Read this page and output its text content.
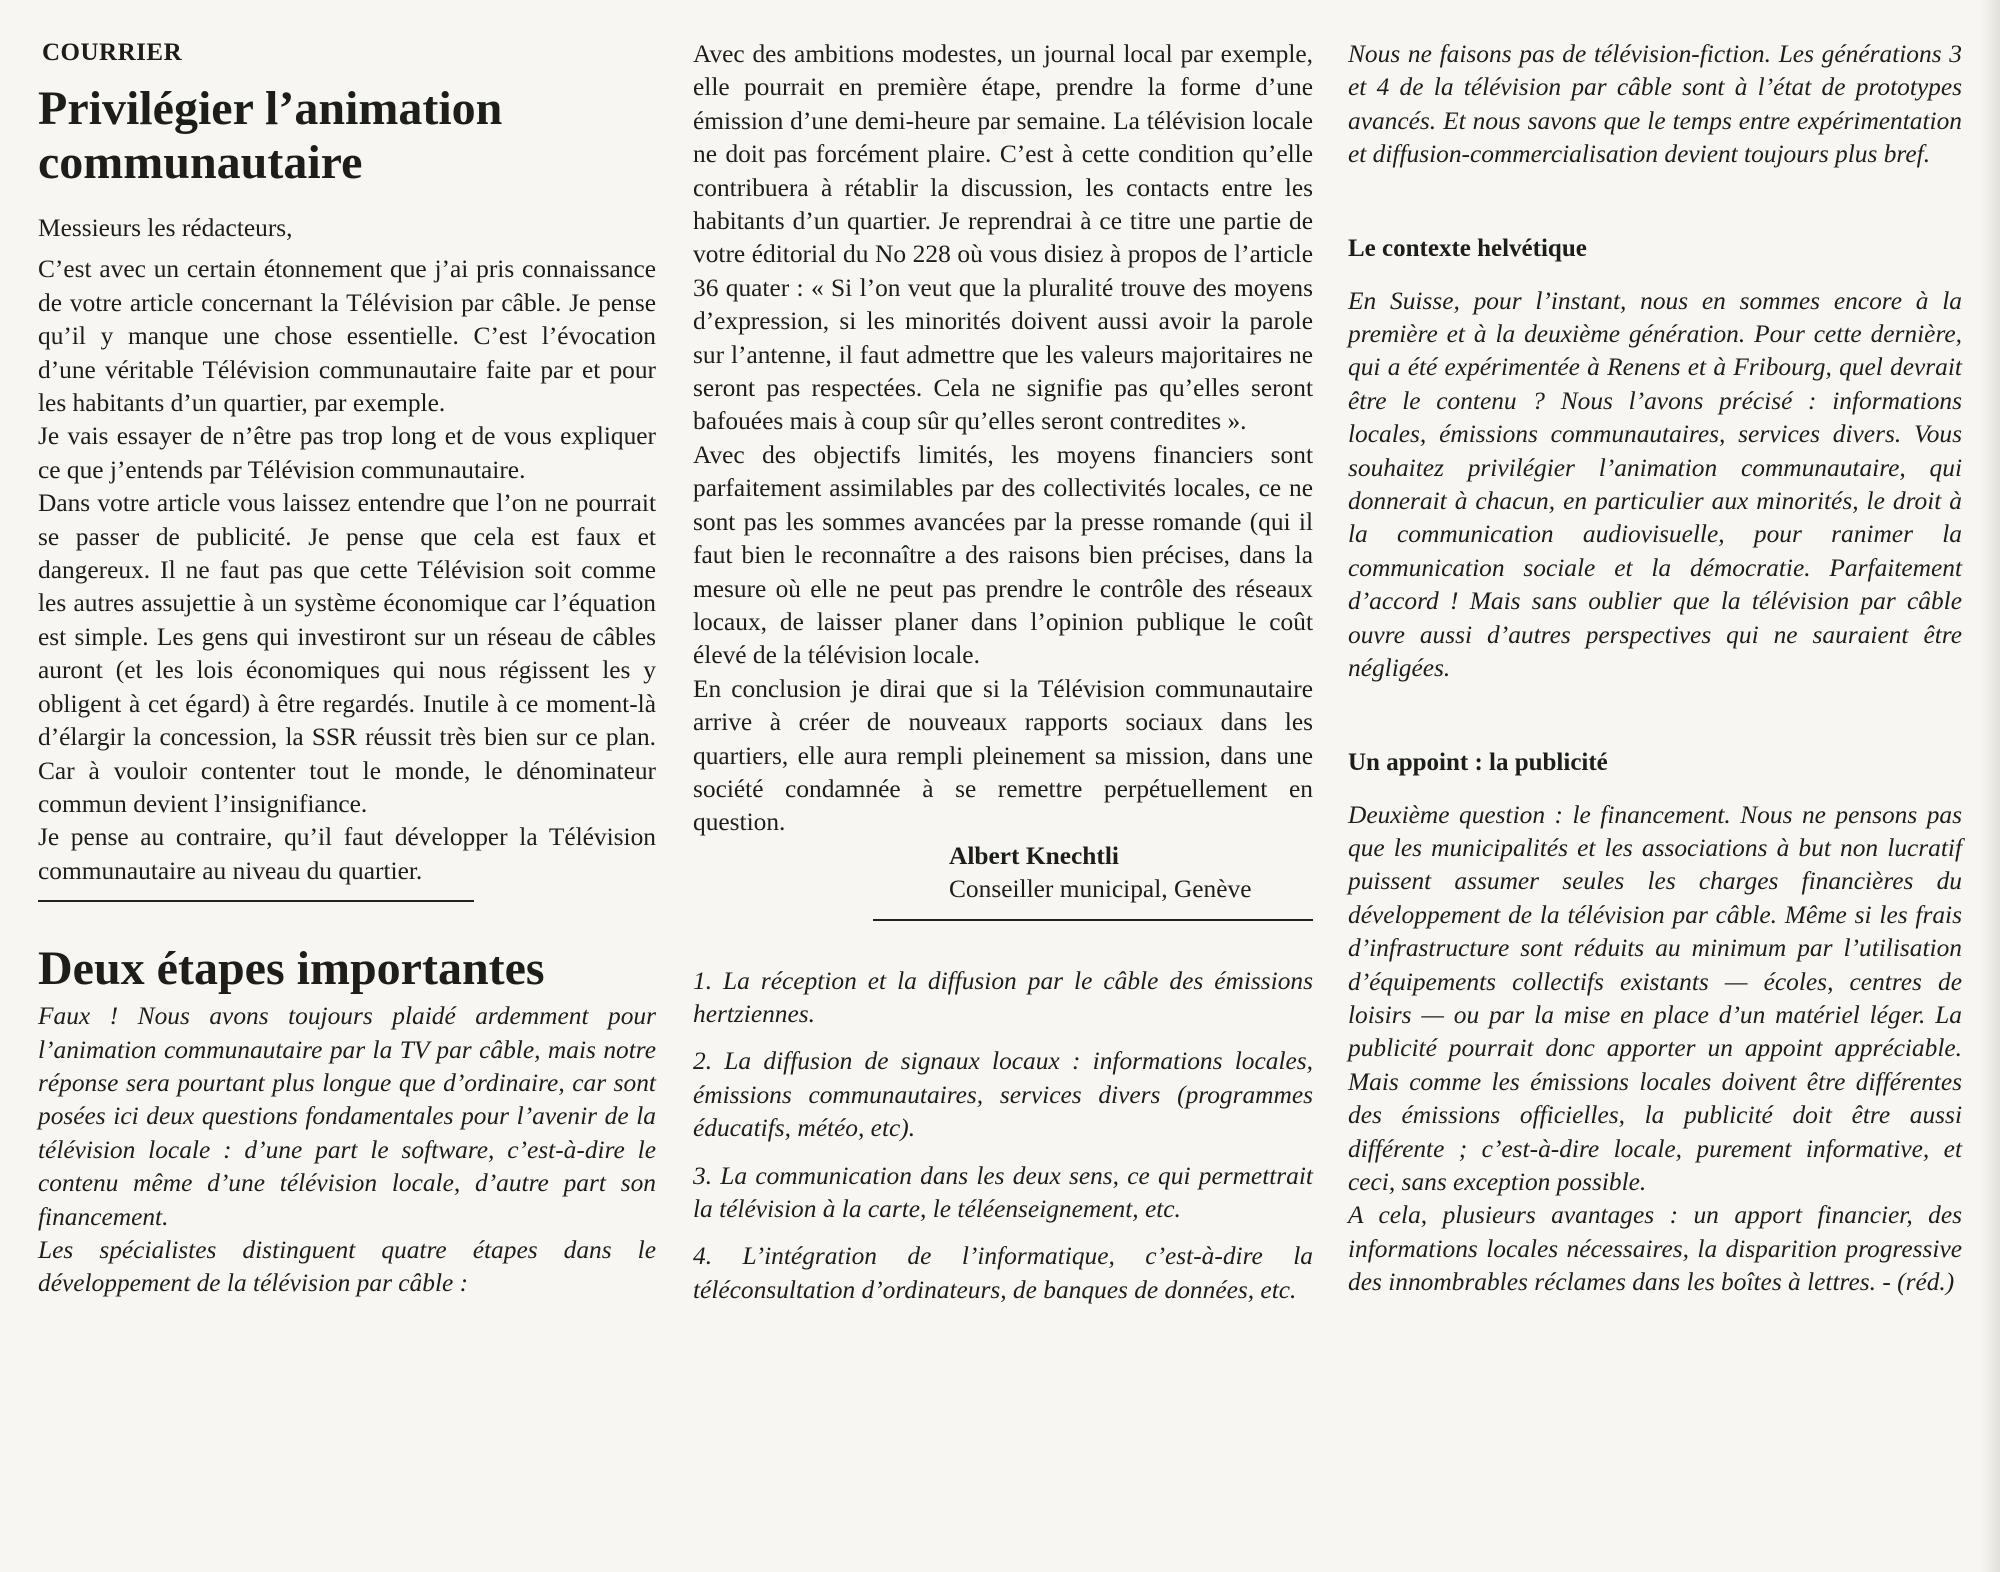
COURRIER
Privilégier l’animation communautaire

Messieurs les rédacteurs,

C’est avec un certain étonnement que j’ai pris connaissance de votre article concernant la Télévision par câble. Je pense qu’il y manque une chose essentielle. C’est l’évocation d’une véritable Télévision communautaire faite par et pour les habitants d’un quartier, par exemple.

Je vais essayer de n’être pas trop long et de vous expliquer ce que j’entends par Télévision communautaire.

Dans votre article vous laissez entendre que l’on ne pourrait se passer de publicité. Je pense que cela est faux et dangereux. Il ne faut pas que cette Télévision soit comme les autres assujettie à un système économique car l’équation est simple. Les gens qui investiront sur un réseau de câbles auront (et les lois économiques qui nous régissent les y obligent à cet égard) à être regardés. Inutile à ce moment-là d’élargir la concession, la SSR réussit très bien sur ce plan. Car à vouloir contenter tout le monde, le dénominateur commun devient l’insignifiance.

Je pense au contraire, qu’il faut développer la Télévision communautaire au niveau du quartier.

Deux étapes importantes

Faux ! Nous avons toujours plaidé ardemment pour l’animation communautaire par la TV par câble, mais notre réponse sera pourtant plus longue que d’ordinaire, car sont posées ici deux questions fondamentales pour l’avenir de la télévision locale : d’une part le software, c’est-à-dire le contenu même d’une télévision locale, d’autre part son financement.

Les spécialistes distinguent quatre étapes dans le développement de la télévision par câble :

Avec des ambitions modestes, un journal local par exemple, elle pourrait en première étape, prendre la forme d’une émission d’une demi-heure par semaine. La télévision locale ne doit pas forcément plaire. C’est à cette condition qu’elle contribuera à rétablir la discussion, les contacts entre les habitants d’un quartier. Je reprendrai à ce titre une partie de votre éditorial du No 228 où vous disiez à propos de l’article 36 quater : « Si l’on veut que la pluralité trouve des moyens d’expression, si les minorités doivent aussi avoir la parole sur l’antenne, il faut admettre que les valeurs majoritaires ne seront pas respectées. Cela ne signifie pas qu’elles seront bafouées mais à coup sûr qu’elles seront contredites ».

Avec des objectifs limités, les moyens financiers sont parfaitement assimilables par des collectivités locales, ce ne sont pas les sommes avancées par la presse romande (qui il faut bien le reconnaître a des raisons bien précises, dans la mesure où elle ne peut pas prendre le contrôle des réseaux locaux, de laisser planer dans l’opinion publique le coût élevé de la télévision locale.

En conclusion je dirai que si la Télévision communautaire arrive à créer de nouveaux rapports sociaux dans les quartiers, elle aura rempli pleinement sa mission, dans une société condamnée à se remettre perpétuellement en question.

Albert Knechtli
Conseiller municipal, Genève

1. La réception et la diffusion par le câble des émissions hertziennes.

2. La diffusion de signaux locaux : informations locales, émissions communautaires, services divers (programmes éducatifs, météo, etc).

3. La communication dans les deux sens, ce qui permettrait la télévision à la carte, le téléenseignement, etc.

4. L’intégration de l’informatique, c’est-à-dire la téléconsultation d’ordinateurs, de banques de données, etc.

Nous ne faisons pas de télévision-fiction. Les générations 3 et 4 de la télévision par câble sont à l’état de prototypes avancés. Et nous savons que le temps entre expérimentation et diffusion-commercialisation devient toujours plus bref.

Le contexte helvétique

En Suisse, pour l’instant, nous en sommes encore à la première et à la deuxième génération. Pour cette dernière, qui a été expérimentée à Renens et à Fribourg, quel devrait être le contenu ? Nous l’avons précisé : informations locales, émissions communautaires, services divers. Vous souhaitez privilégier l’animation communautaire, qui donnerait à chacun, en particulier aux minorités, le droit à la communication audiovisuelle, pour ranimer la communication sociale et la démocratie. Parfaitement d’accord ! Mais sans oublier que la télévision par câble ouvre aussi d’autres perspectives qui ne sauraient être négligées.

Un appoint : la publicité

Deuxième question : le financement. Nous ne pensons pas que les municipalités et les associations à but non lucratif puissent assumer seules les charges financières du développement de la télévision par câble. Même si les frais d’infrastructure sont réduits au minimum par l’utilisation d’équipements collectifs existants — écoles, centres de loisirs — ou par la mise en place d’un matériel léger. La publicité pourrait donc apporter un appoint appréciable. Mais comme les émissions locales doivent être différentes des émissions officielles, la publicité doit être aussi différente ; c’est-à-dire locale, purement informative, et ceci, sans exception possible.

A cela, plusieurs avantages : un apport financier, des informations locales nécessaires, la disparition progressive des innombrables réclames dans les boîtes à lettres. - (réd.)
